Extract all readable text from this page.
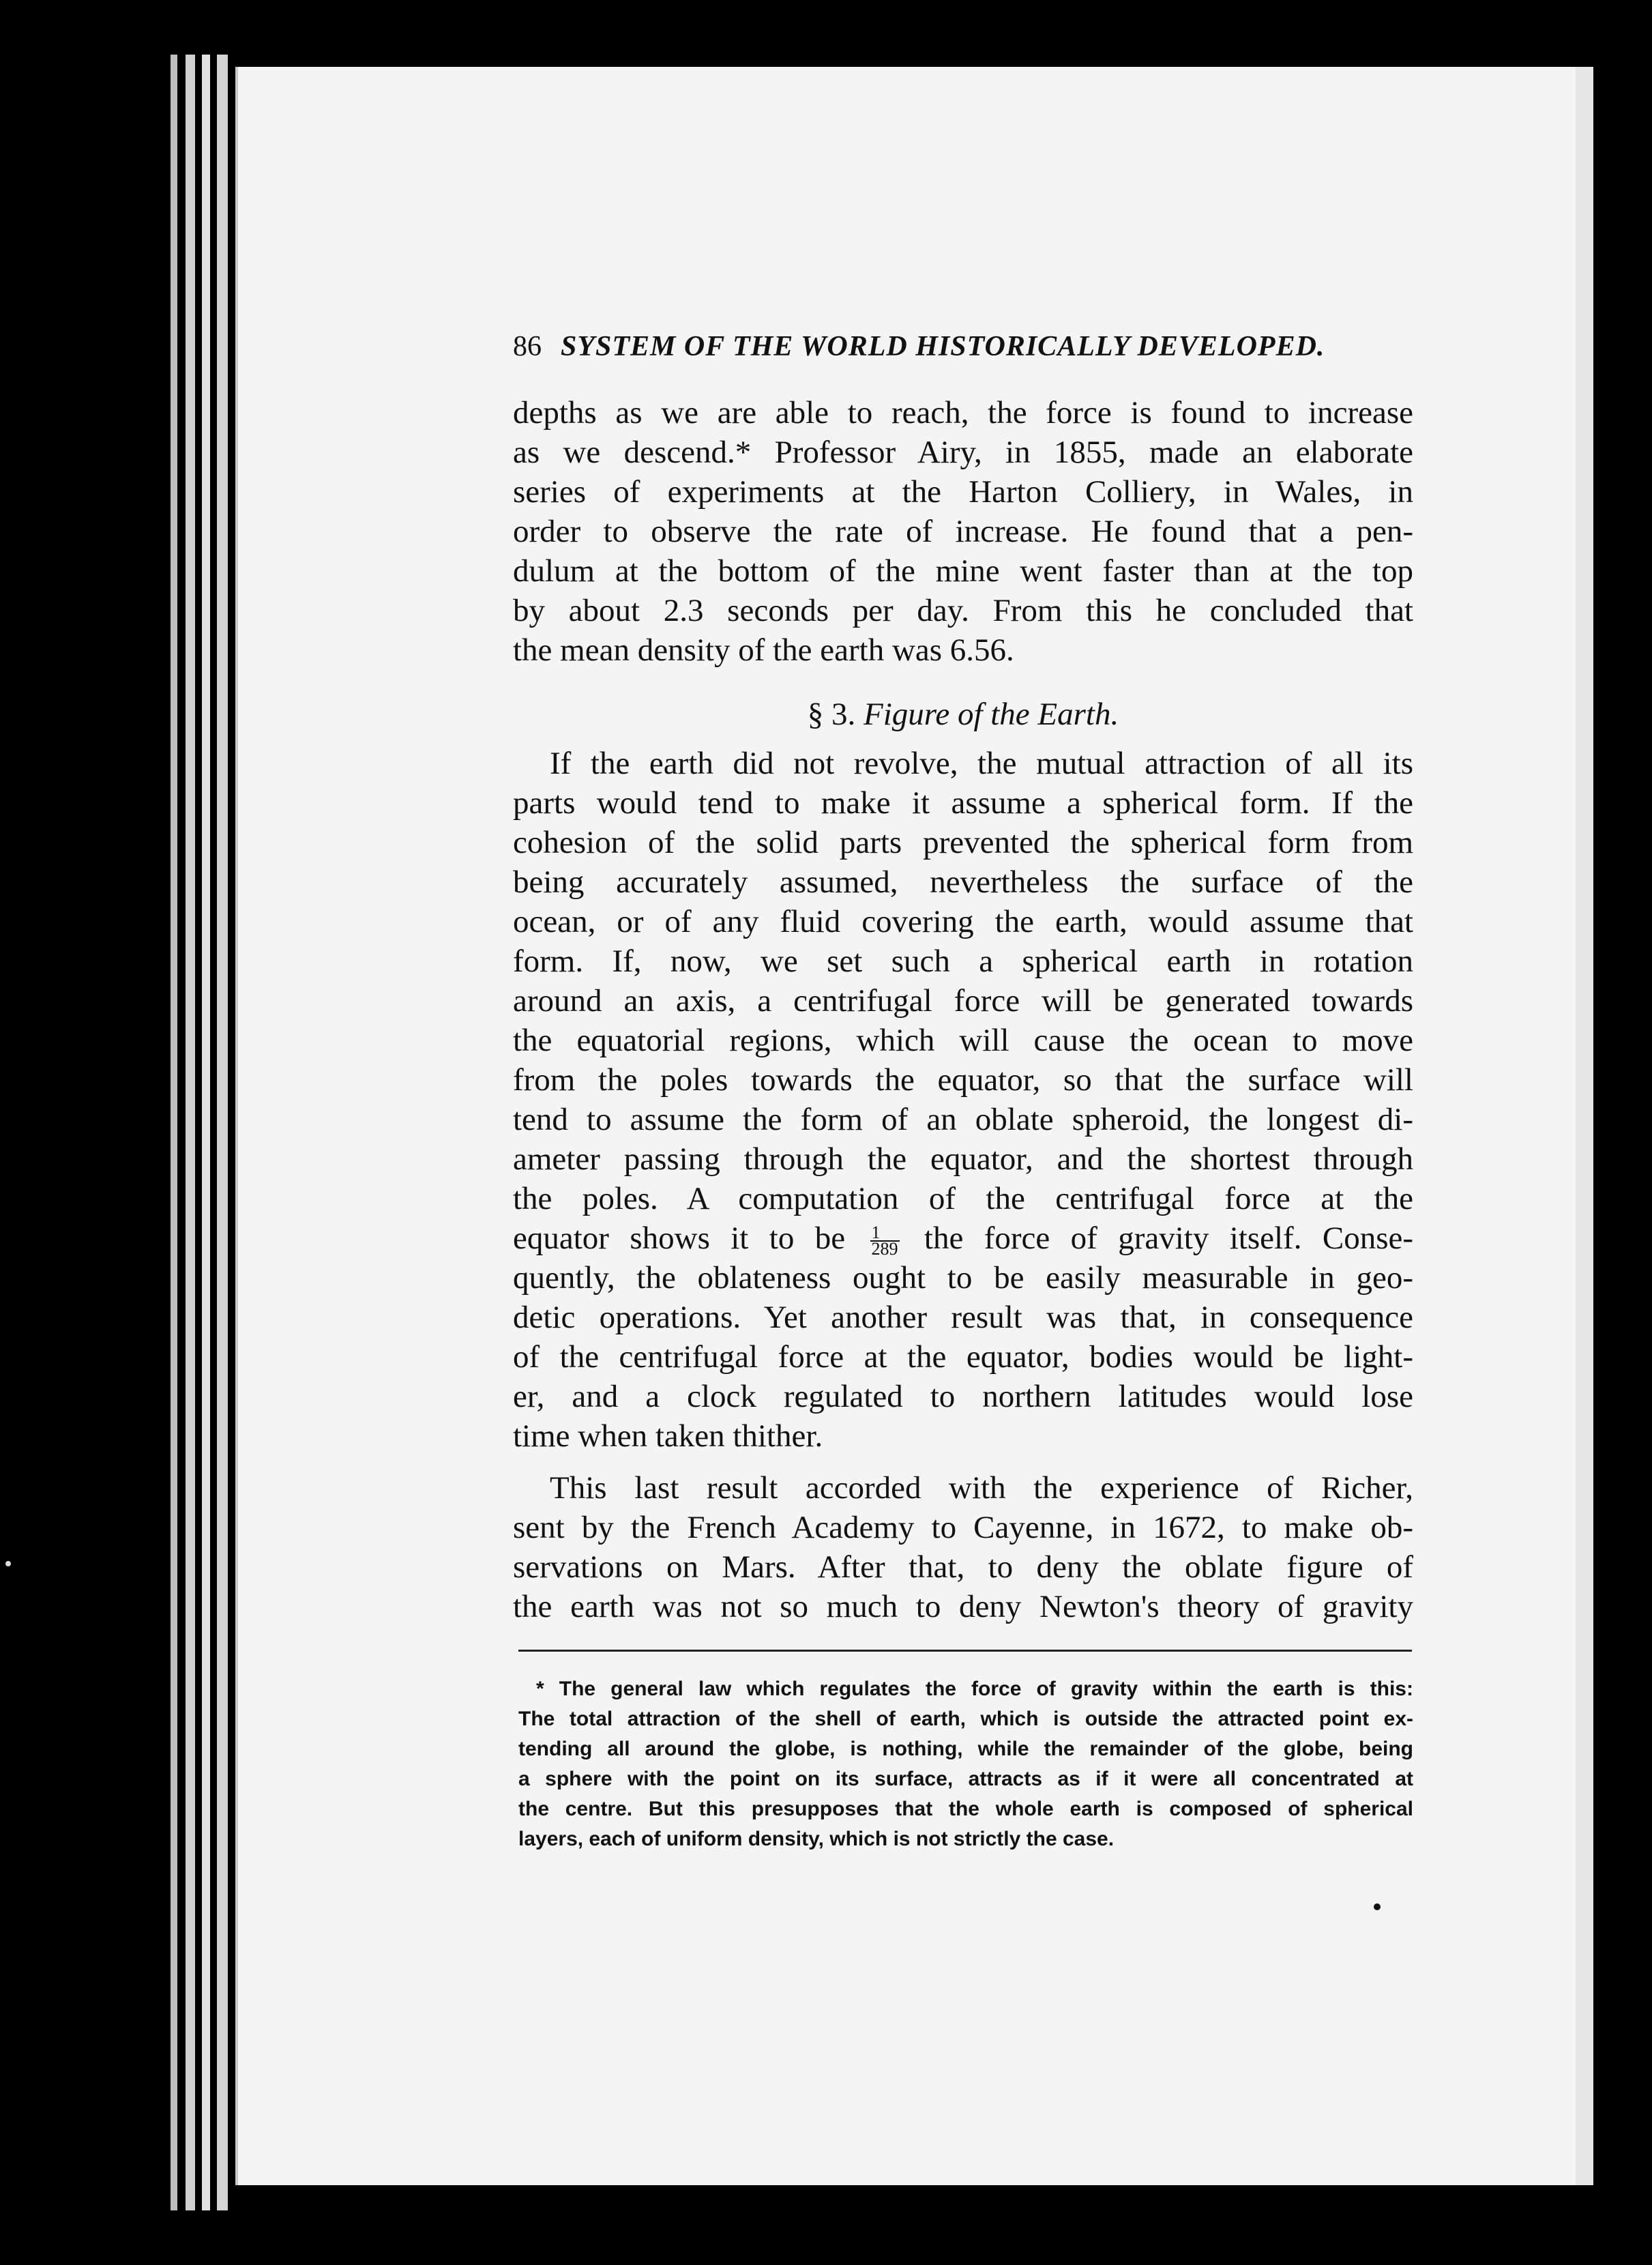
86 SYSTEM OF THE WORLD HISTORICALLY DEVELOPED.
depths as we are able to reach, the force is found to increase
as we descend.* Professor Airy, in 1855, made an elaborate
series of experiments at the Harton Colliery, in Wales, in
order to observe the rate of increase. He found that a pen-
dulum at the bottom of the mine went faster than at the top
by about 2.3 seconds per day. From this he concluded that
the mean density of the earth was 6.56.
§ 3. Figure of the Earth.
If the earth did not revolve, the mutual attraction of all its
parts would tend to make it assume a spherical form. If the
cohesion of the solid parts prevented the spherical form from
being accurately assumed, nevertheless the surface of the
ocean, or of any fluid covering the earth, would assume that
form. If, now, we set such a spherical earth in rotation
around an axis, a centrifugal force will be generated towards
the equatorial regions, which will cause the ocean to move
from the poles towards the equator, so that the surface will
tend to assume the form of an oblate spheroid, the longest di-
ameter passing through the equator, and the shortest through
the poles. A computation of the centrifugal force at the
equator shows it to be $\frac{1}{289}$ the force of gravity itself. Conse-
quently, the oblateness ought to be easily measurable in geo-
detic operations. Yet another result was that, in consequence
of the centrifugal force at the equator, bodies would be light-
er, and a clock regulated to northern latitudes would lose
time when taken thither.
This last result accorded with the experience of Richer,
sent by the French Academy to Cayenne, in 1672, to make ob-
servations on Mars. After that, to deny the oblate figure of
the earth was not so much to deny Newton's theory of gravity
* The general law which regulates the force of gravity within the earth is this:
The total attraction of the shell of earth, which is outside the attracted point ex-
tending all around the globe, is nothing, while the remainder of the globe, being
a sphere with the point on its surface, attracts as if it were all concentrated at
the centre. But this presupposes that the whole earth is composed of spherical
layers, each of uniform density, which is not strictly the case.
